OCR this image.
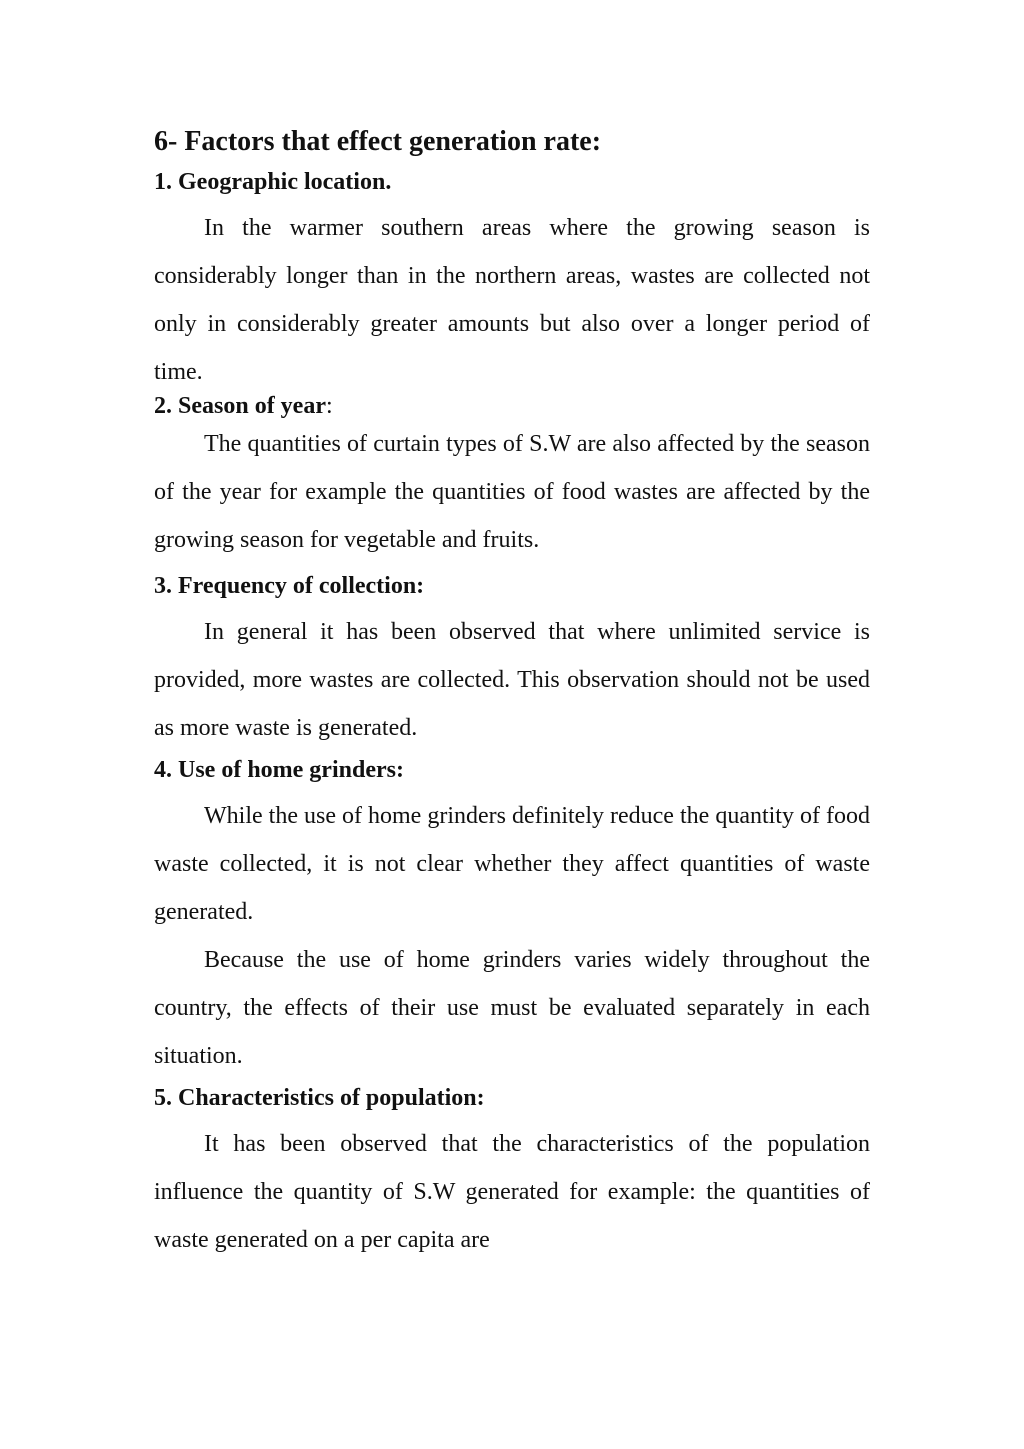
6- Factors that effect generation rate:
1. Geographic location.

In the warmer southern areas where the growing season is considerably longer than in the northern areas, wastes are collected not only in considerably greater amounts but also over a longer period of time.

2. Season of year:

The quantities of curtain types of S.W are also affected by the season of the year for example the quantities of food wastes are affected by the growing season for vegetable and fruits.

3. Frequency of collection:

In general it has been observed that where unlimited service is provided, more wastes are collected. This observation should not be used as more waste is generated.

4. Use of home grinders:

While the use of home grinders definitely reduce the quantity of food waste collected, it is not clear whether they affect quantities of waste generated.

Because the use of home grinders varies widely throughout the country, the effects of their use must be evaluated separately in each situation.

5. Characteristics of population:

It has been observed that the characteristics of the population influence the quantity of S.W generated for example: the quantities of waste generated on a per capita are
